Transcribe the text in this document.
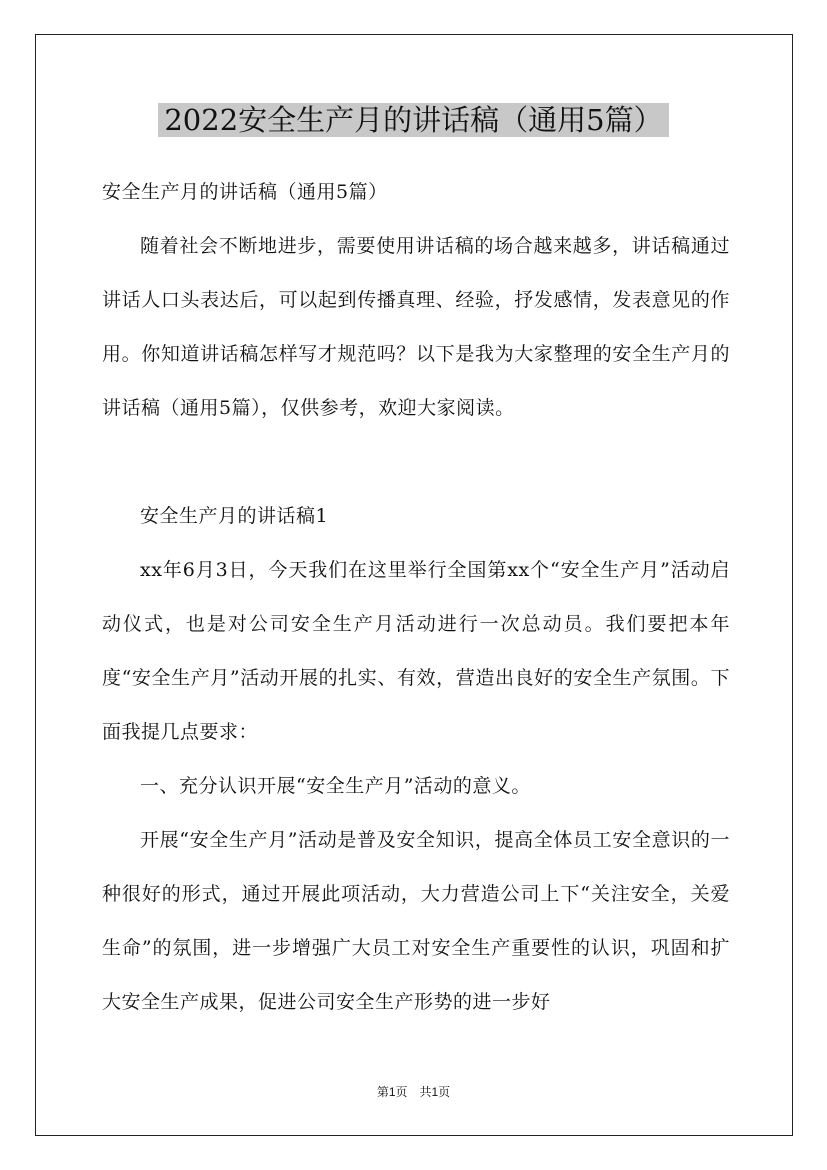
2022安全生产月的讲话稿（通用5篇）

安全生产月的讲话稿（通用5篇）

随着社会不断地进步，需要使用讲话稿的场合越来越多，讲话稿通过讲话人口头表达后，可以起到传播真理、经验，抒发感情，发表意见的作用。你知道讲话稿怎样写才规范吗？以下是我为大家整理的安全生产月的讲话稿（通用5篇），仅供参考，欢迎大家阅读。

安全生产月的讲话稿1

xx年6月3日，今天我们在这里举行全国第xx个“安全生产月”活动启动仪式，也是对公司安全生产月活动进行一次总动员。我们要把本年度“安全生产月”活动开展的扎实、有效，营造出良好的安全生产氛围。下面我提几点要求：

一、充分认识开展“安全生产月”活动的意义。

开展“安全生产月”活动是普及安全知识，提高全体员工安全意识的一种很好的形式，通过开展此项活动，大力营造公司上下“关注安全，关爱生命”的氛围，进一步增强广大员工对安全生产重要性的认识，巩固和扩大安全生产成果，促进公司安全生产形势的进一步好

第1页 共1页
